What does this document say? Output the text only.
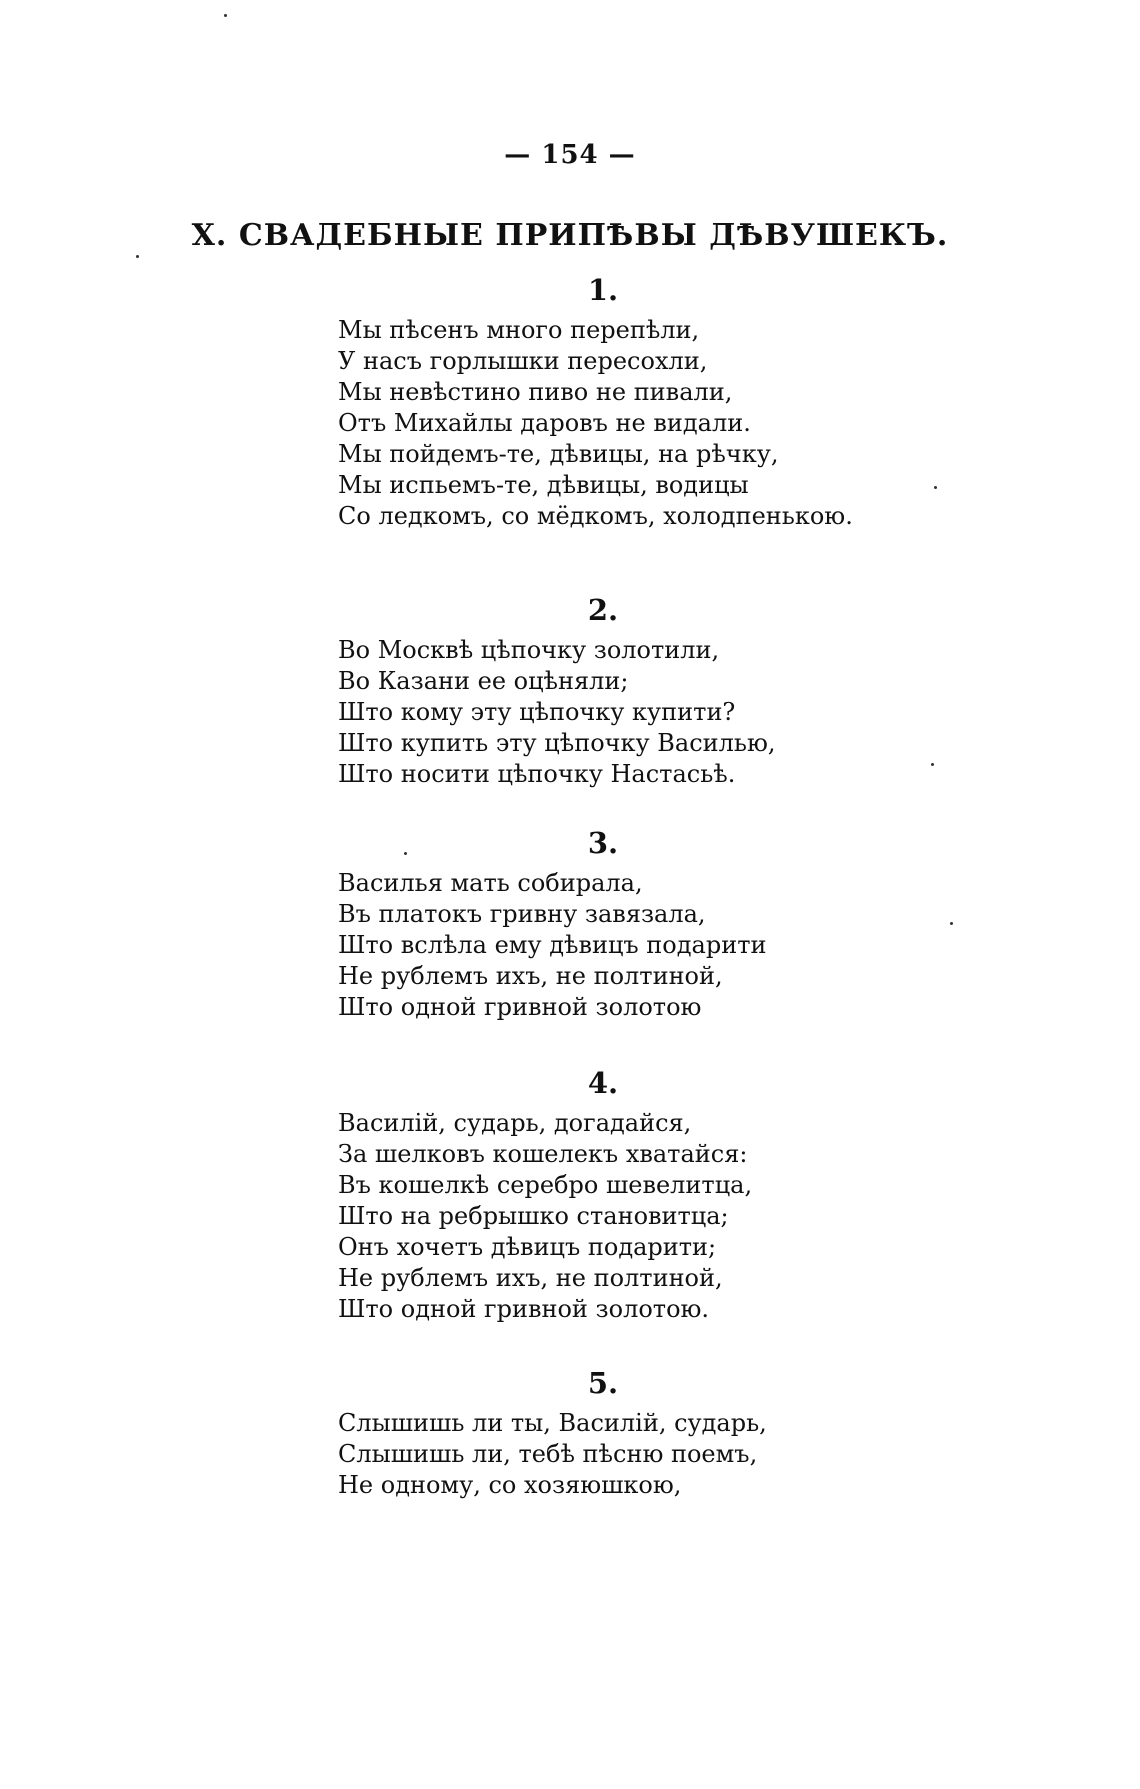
— 154 —
X. СВАДЕБНЫЕ ПРИПѢВЫ ДѢВУШЕКЪ.
1.
Мы пѣсенъ много перепѣли,
У насъ горлышки пересохли,
Мы невѣстино пиво не пивали,
Отъ Михайлы даровъ не видали.
Мы пойдемъ-те, дѣвицы, на рѣчку,
Мы испьемъ-те, дѣвицы, водицы
Со ледкомъ, со мёдкомъ, холодпенькою.
2.
Во Москвѣ цѣпочку золотили,
Во Казани ее оцѣняли;
Што кому эту цѣпочку купити?
Што купить эту цѣпочку Василью,
Што носити цѣпочку Настасьѣ.
3.
Василья мать собирала,
Въ платокъ гривну завязала,
Што вслѣла ему дѣвицъ подарити
Не рублемъ ихъ, не полтиной,
Што одной гривной золотою
4.
Василій, сударь, догадайся,
За шелковъ кошелекъ хватайся:
Въ кошелкѣ серебро шевелитца,
Што на ребрышко становитца;
Онъ хочетъ дѣвицъ подарити;
Не рублемъ ихъ, не полтиной,
Што одной гривной золотою.
5.
Слышишь ли ты, Василій, сударь,
Слышишь ли, тебѣ пѣсню поемъ,
Не одному, со хозяюшкою,
